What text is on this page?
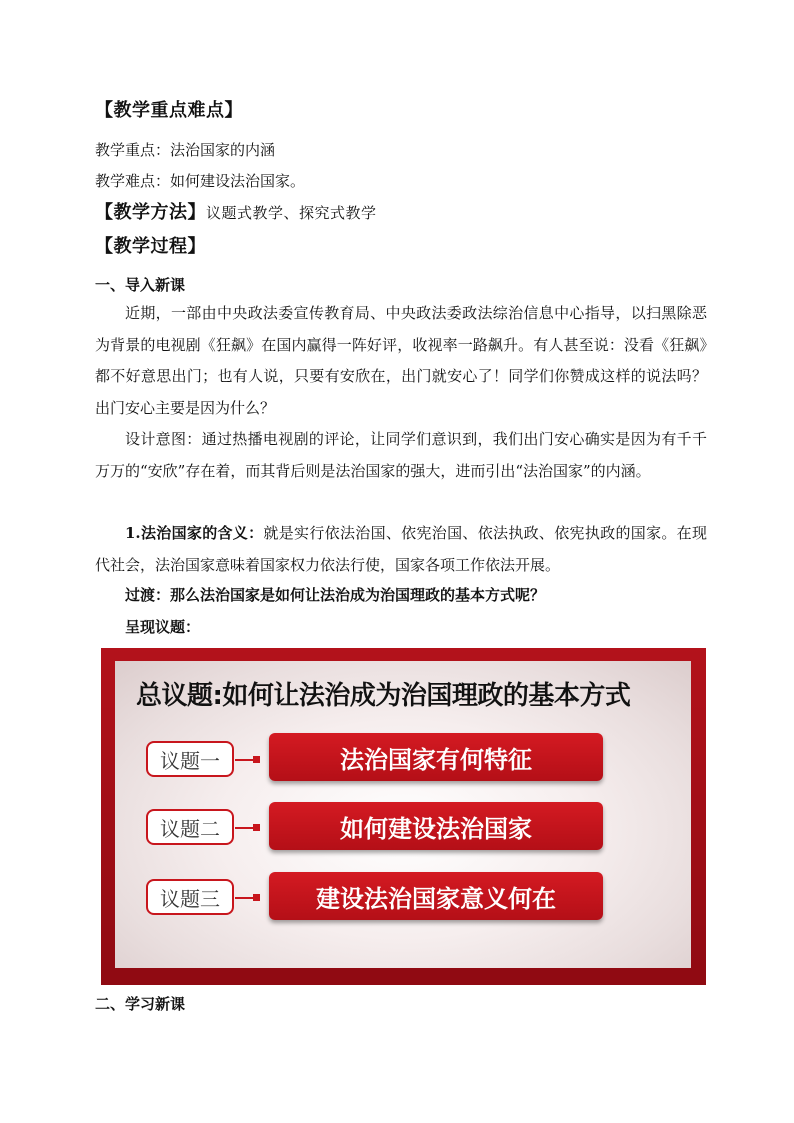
【教学重点难点】
教学重点：法治国家的内涵
教学难点：如何建设法治国家。
【教学方法】议题式教学、探究式教学
【教学过程】
一、导入新课
近期，一部由中央政法委宣传教育局、中央政法委政法综治信息中心指导，以扫黑除恶为背景的电视剧《狂飙》在国内赢得一阵好评，收视率一路飙升。有人甚至说：没看《狂飙》都不好意思出门；也有人说，只要有安欣在，出门就安心了！同学们你赞成这样的说法吗？出门安心主要是因为什么？
设计意图：通过热播电视剧的评论，让同学们意识到，我们出门安心确实是因为有千千万万的“安欣”存在着，而其背后则是法治国家的强大，进而引出“法治国家”的内涵。
1.法治国家的含义：就是实行依法治国、依宪治国、依法执政、依宪执政的国家。在现代社会，法治国家意味着国家权力依法行使，国家各项工作依法开展。
过渡：那么法治国家是如何让法治成为治国理政的基本方式呢？
呈现议题：
总议题:如何让法治成为治国理政的基本方式
议题一	法治国家有何特征
议题二	如何建设法治国家
议题三	建设法治国家意义何在
二、学习新课
